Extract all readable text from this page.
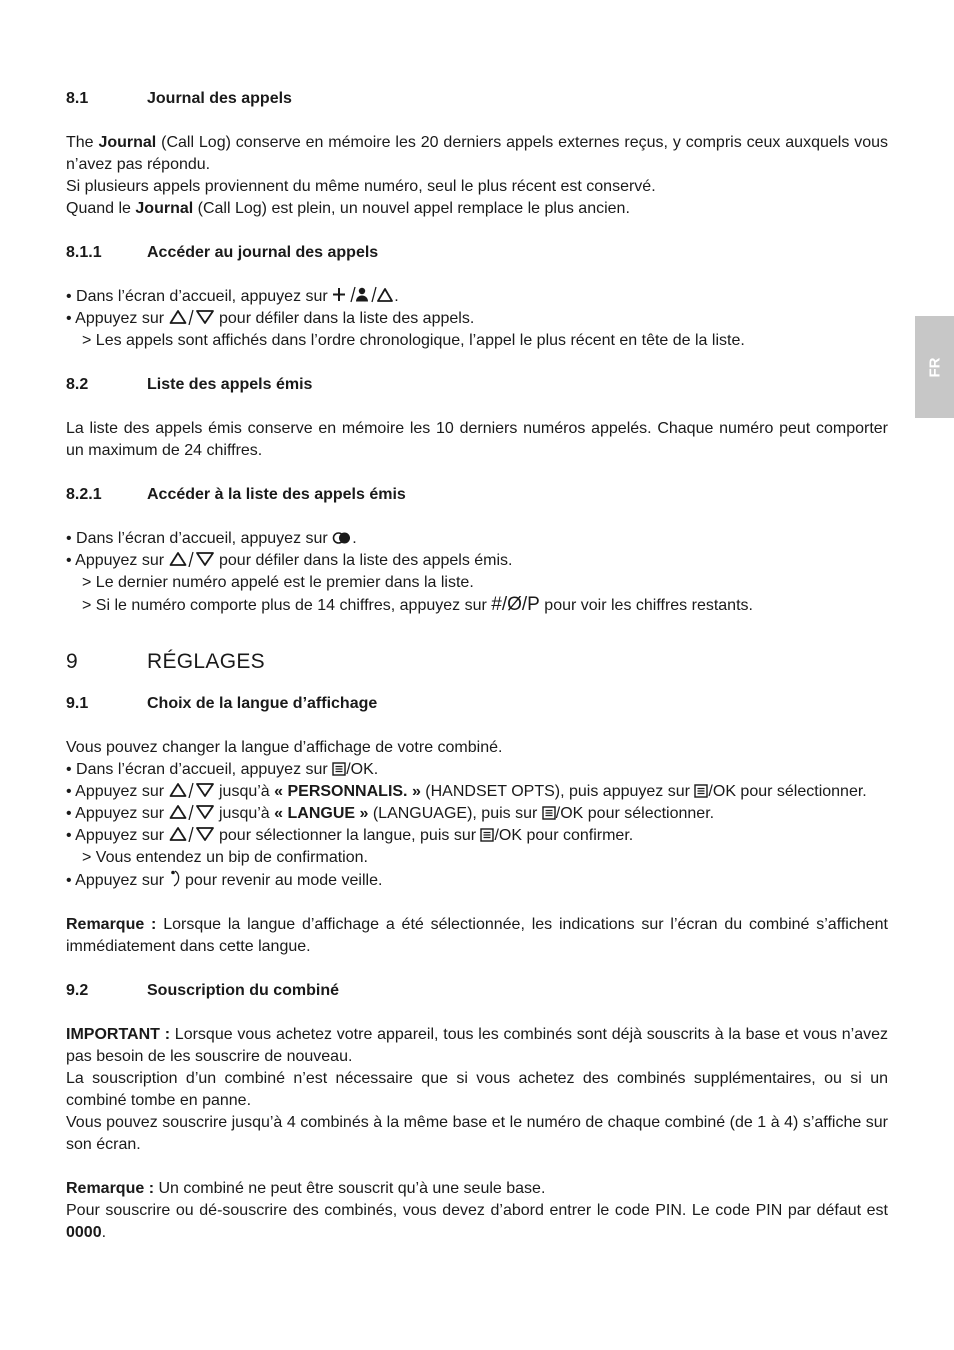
FR
8.1	Journal des appels

The Journal (Call Log) conserve en mémoire les 20 derniers appels externes reçus, y compris ceux auxquels vous n’avez pas répondu.

Si plusieurs appels proviennent du même numéro, seul le plus récent est conservé.

Quand le Journal (Call Log) est plein, un nouvel appel remplace le plus ancien.

8.1.1	Accéder au journal des appels
• Dans l’écran d’accueil, appuyez sur	.
• Appuyez sur	pour défiler dans la liste des appels.
> Les appels sont affichés dans l’ordre chronologique, l’appel le plus récent en tête de la liste.
8.2	Liste des appels émis

La liste des appels émis conserve en mémoire les 10 derniers numéros appelés. Chaque numéro peut comporter un maximum de 24 chiffres.

8.2.1	Accéder à la liste des appels émis
• Dans l’écran d’accueil, appuyez sur
.
• Appuyez sur	pour défiler dans la liste des appels émis.
> Le dernier numéro appelé est le premier dans la liste.
> Si le numéro comporte plus de 14 chiffres, appuyez sur #/Ø/P pour voir les chiffres restants.
9	RÉGLAGES
9.1	Choix de la langue d’affichage

Vous pouvez changer la langue d’affichage de votre combiné.

• Dans l’écran d’accueil, appuyez sur
/OK.
• Appuyez sur	jusqu’à « PERSONNALIS. » (HANDSET OPTS), puis appuyez sur
/OK pour sélectionner.
• Appuyez sur	jusqu’à « LANGUE » (LANGUAGE), puis sur
/OK pour sélectionner.
• Appuyez sur	pour sélectionner la langue, puis sur
/OK pour confirmer.
> Vous entendez un bip de confirmation.
• Appuyez sur
pour revenir au mode veille.

Remarque : Lorsque la langue d’affichage a été sélectionnée, les indications sur l’écran du combiné s’affichent immédiatement dans cette langue.

9.2	Souscription du combiné

IMPORTANT : Lorsque vous achetez votre appareil, tous les combinés sont déjà souscrits à la base et vous n’avez pas besoin de les souscrire de nouveau.

La souscription d’un combiné n’est nécessaire que si vous achetez des combinés supplémentaires, ou si un combiné tombe en panne.

Vous pouvez souscrire jusqu’à 4 combinés à la même base et le numéro de chaque combiné (de 1 à 4) s’affiche sur son écran.

Remarque : Un combiné ne peut être souscrit qu’à une seule base.

Pour souscrire ou dé-souscrire des combinés, vous devez d’abord entrer le code PIN. Le code PIN par défaut est 0000.
